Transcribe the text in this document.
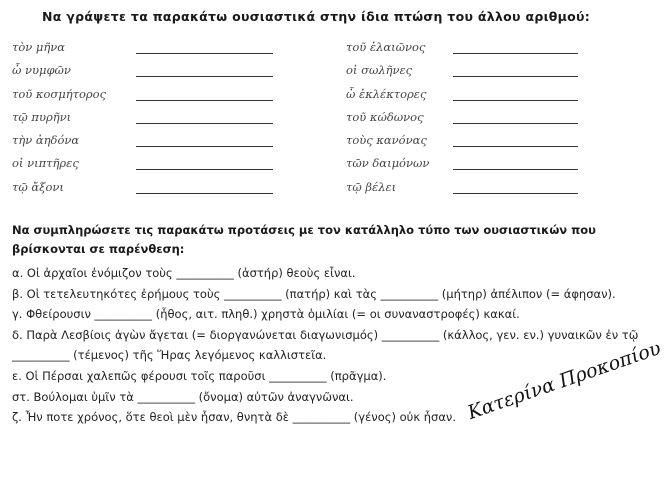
Να γράψετε τα παρακάτω ουσιαστικά στην ίδια πτώση του άλλου αριθμού:
τὸν μῆνα
ὦ νυμφῶν
τοῦ κοσμήτορος
τῷ πυρῆνι
τὴν ἀηδόνα
οἱ νιπτῆρες
τῷ ἄξονι
τοῦ ἐλαιῶνος
οἱ σωλῆνες
ὦ ἐκλέκτορες
τοῦ κώδωνος
τοὺς κανόνας
τῶν δαιμόνων
τῷ βέλει
Να συμπληρώσετε τις παρακάτω προτάσεις με τον κατάλληλο τύπο των ουσιαστικών που βρίσκονται σε παρένθεση:
α. Οἱ ἀρχαῖοι ἐνόμιζον τοὺς __________ (ἀστήρ) θεοὺς εἶναι.
β. Οἱ τετελευτηκότες ἐρήμους τοὺς __________ (πατήρ) καὶ τὰς __________ (μήτηρ) ἀπέλιπον (= άφησαν).
γ. Φθείρουσιν __________ (ἦθος, αιτ. πληθ.) χρηστὰ ὁμιλίαι (= οι συναναστροφές) κακαί.
δ. Παρὰ Λεσβίοις ἀγὼν ἄγεται (= διοργανώνεται διαγωνισμός) __________ (κάλλος, γεν. εν.) γυναικῶν ἐν τῷ
__________ (τέμενος) τῆς Ἥρας λεγόμενος καλλιστεῖα.
ε. Οἱ Πέρσαι χαλεπῶς φέρουσι τοῖς παροῦσι __________ (πρᾶγμα).
στ. Βούλομαι ὑμῖν τὰ __________ (ὄνομα) αὐτῶν ἀναγνῶναι.
ζ. Ἦν ποτε χρόνος, ὅτε θεοὶ μὲν ἦσαν, θνητὰ δὲ __________ (γένος) οὐκ ἦσαν. Κατερίνα Προκοπίου
